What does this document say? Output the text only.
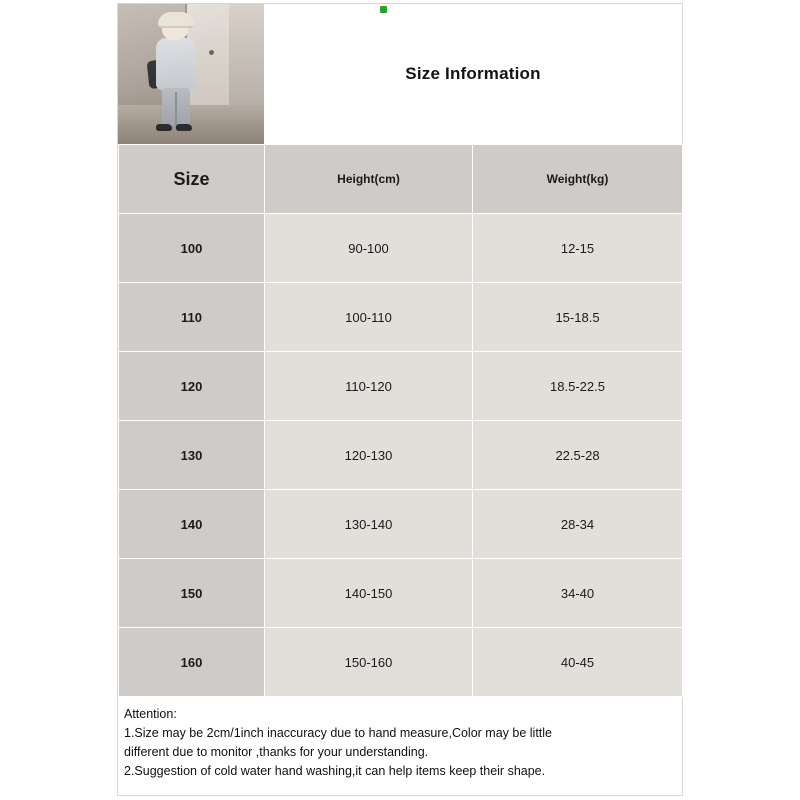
Size Information
Size	Height(cm)	Weight(kg)
100	90-100	12-15
110	100-110	15-18.5
120	110-120	18.5-22.5
130	120-130	22.5-28
140	130-140	28-34
150	140-150	34-40
160	150-160	40-45
Attention:
1.Size may be 2cm/1inch inaccuracy due to hand measure,Color may be little
different due to monitor ,thanks for your understanding.
2.Suggestion of cold water hand washing,it can help items keep their shape.
